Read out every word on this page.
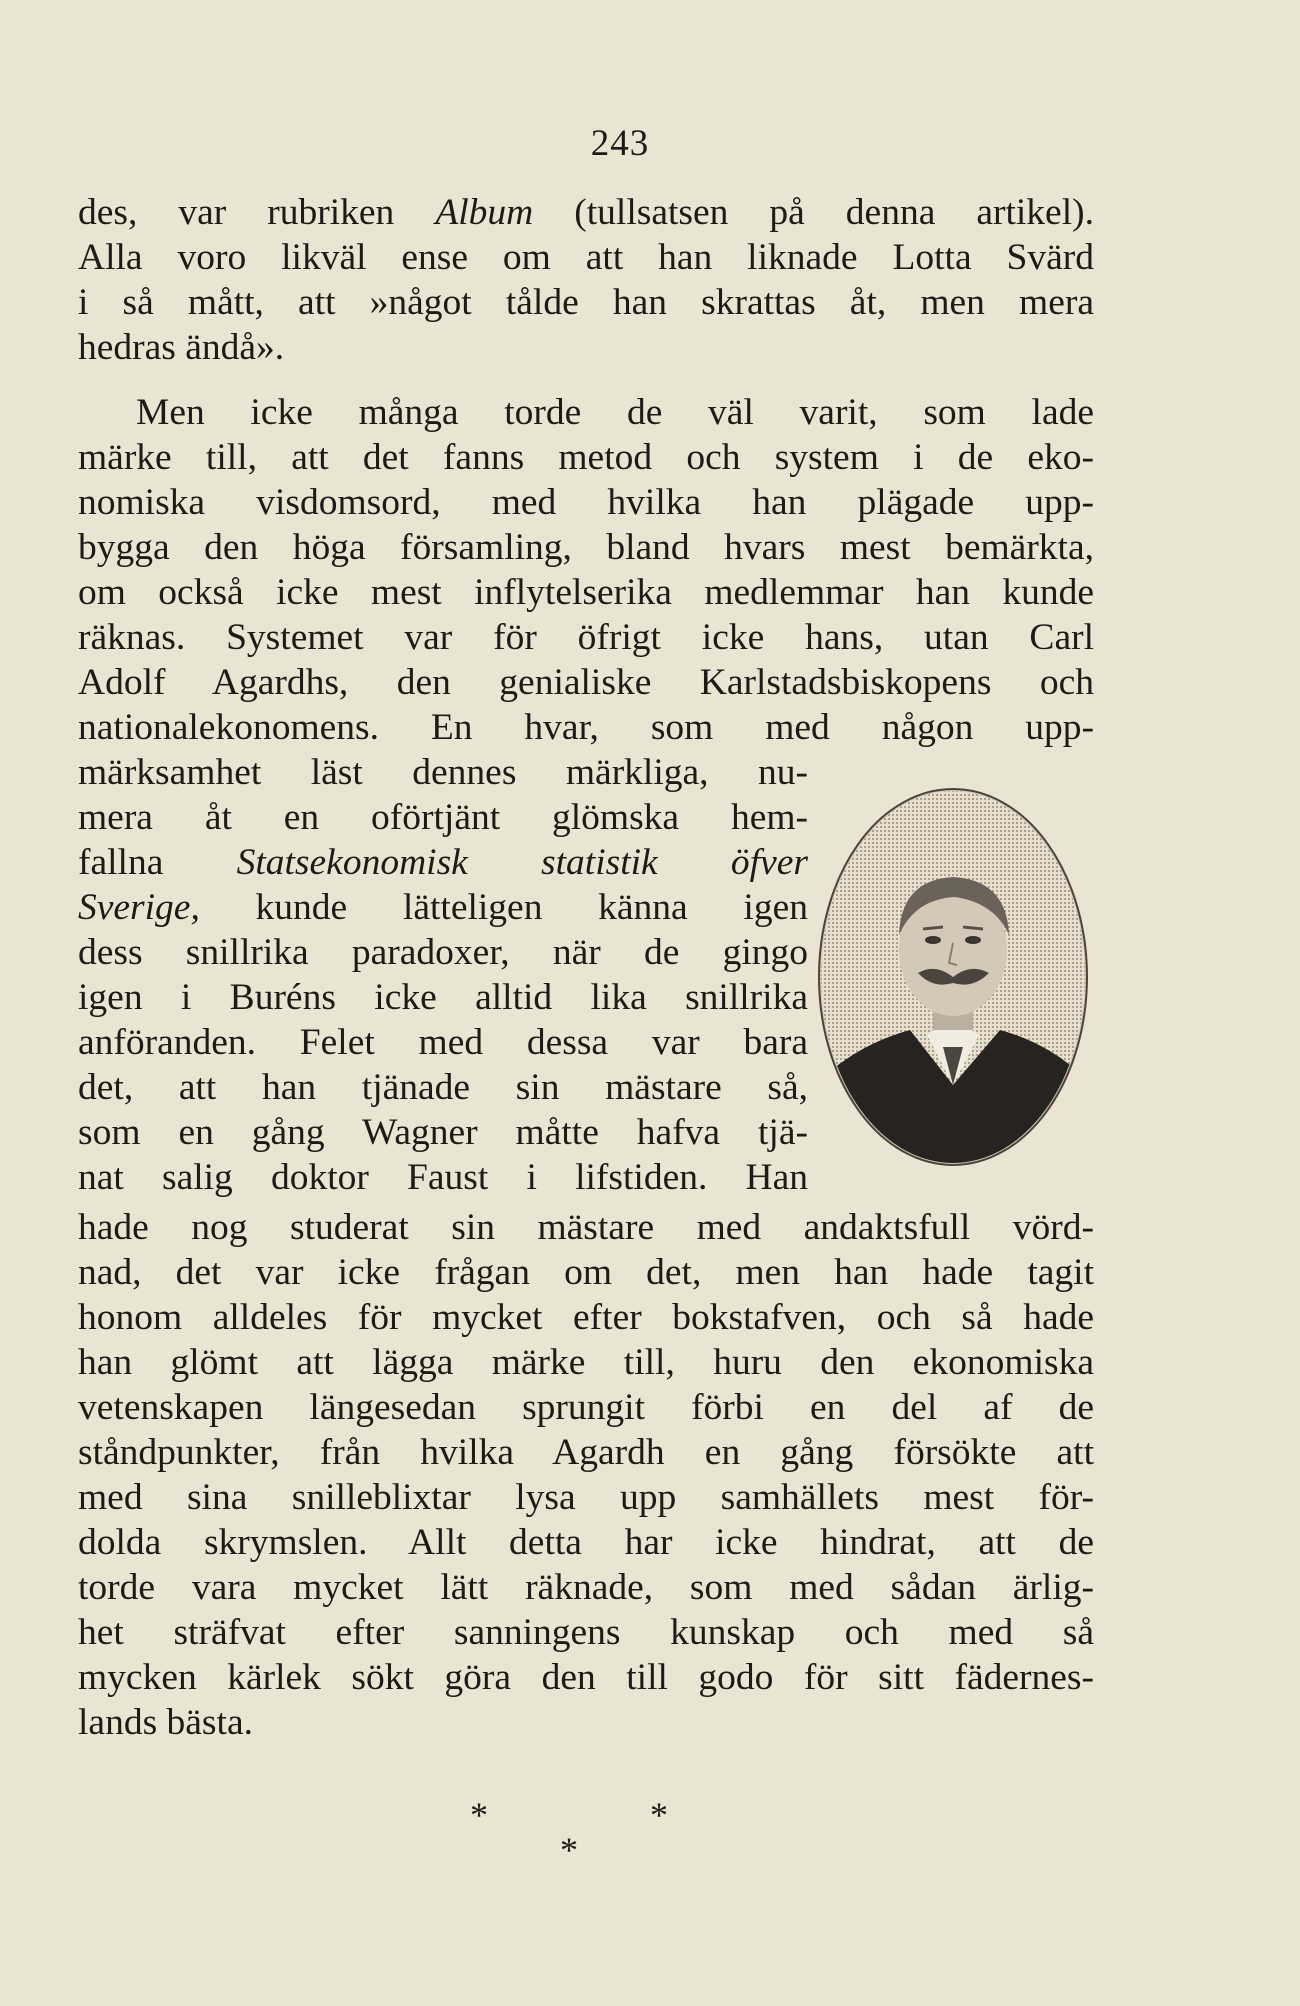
243
des, var rubriken Album (tullsatsen på denna artikel).
Alla voro likväl ense om att han liknade Lotta Svärd
i så mått, att »något tålde han skrattas åt, men mera
hedras ändå».
Men icke många torde de väl varit, som lade
märke till, att det fanns metod och system i de eko-
nomiska visdomsord, med hvilka han plägade upp-
bygga den höga församling, bland hvars mest bemärkta,
om också icke mest inflytelserika medlemmar han kunde
räknas. Systemet var för öfrigt icke hans, utan Carl
Adolf Agardhs, den genialiske Karlstadsbiskopens och
nationalekonomens. En hvar, som med någon upp-
märksamhet läst dennes märkliga, nu-
mera åt en oförtjänt glömska hem-
fallna Statsekonomisk statistik öfver
Sverige, kunde lätteligen känna igen
dess snillrika paradoxer, när de gingo
igen i Buréns icke alltid lika snillrika
anföranden. Felet med dessa var bara
det, att han tjänade sin mästare så,
som en gång Wagner måtte hafva tjä-
nat salig doktor Faust i lifstiden. Han
hade nog studerat sin mästare med andaktsfull vörd-
nad, det var icke frågan om det, men han hade tagit
honom alldeles för mycket efter bokstafven, och så hade
han glömt att lägga märke till, huru den ekonomiska
vetenskapen längesedan sprungit förbi en del af de
ståndpunkter, från hvilka Agardh en gång försökte att
med sina snilleblixtar lysa upp samhällets mest för-
dolda skrymslen. Allt detta har icke hindrat, att de
torde vara mycket lätt räknade, som med sådan ärlig-
het sträfvat efter sanningens kunskap och med så
mycken kärlek sökt göra den till godo för sitt fädernes-
lands bästa.
*	*
*
